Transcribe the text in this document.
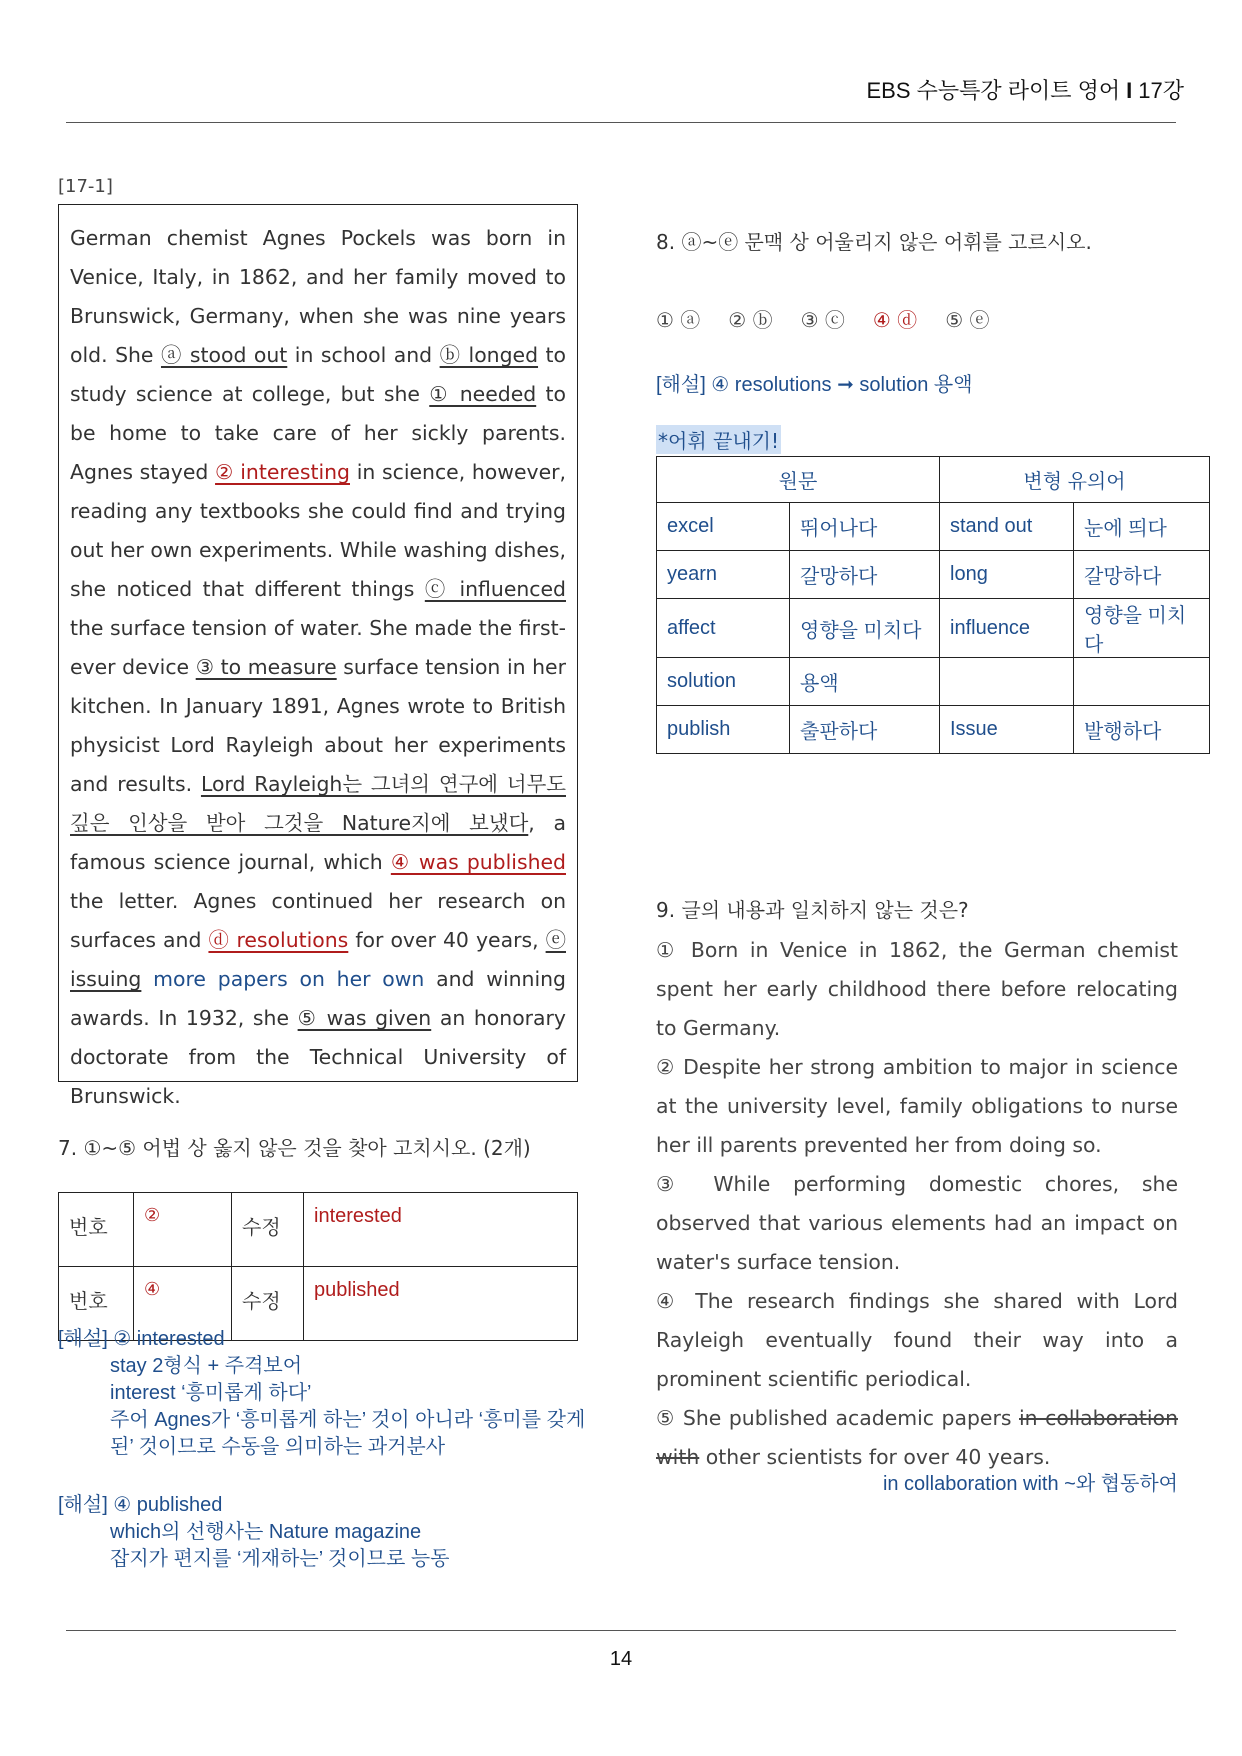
EBS 수능특강 라이트 영어 I 17강
[17-1]

German chemist Agnes Pockels was born in Venice, Italy, in 1862, and her family moved to Brunswick, Germany, when she was nine years old. She ⓐ stood out in school and ⓑ longed to study science at college, but she ① needed to be home to take care of her sickly parents. Agnes stayed ② interesting in science, however, reading any textbooks she could find and trying out her own experiments. While washing dishes, she noticed that different things ⓒ influenced the surface tension of water. She made the first-ever device ③ to measure surface tension in her kitchen. In January 1891, Agnes wrote to British physicist Lord Rayleigh about her experiments and results. Lord Rayleigh는 그녀의 연구에 너무도 깊은 인상을 받아 그것을 Nature지에 보냈다, a famous science journal, which ④ was published the letter. Agnes continued her research on surfaces and ⓓ resolutions for over 40 years, ⓔ issuing more papers on her own and winning awards. In 1932, she ⑤ was given an honorary doctorate from the Technical University of Brunswick.

7. ①~⑤ 어법 상 옳지 않은 것을 찾아 고치시오. (2개)
번호	②	수정	interested
번호	④	수정	published
[해설] ② interested
stay 2형식 + 주격보어
interest ‘흥미롭게 하다’
주어 Agnes가 ‘흥미롭게 하는’ 것이 아니라 ‘흥미를 갖게
된’ 것이므로 수동을 의미하는 과거분사
[해설] ④ published
which의 선행사는 Nature magazine
잡지가 편지를 ‘게재하는’ 것이므로 능동
8. ⓐ~ⓔ 문맥 상 어울리지 않은 어휘를 고르시오.
① ⓐ ② ⓑ ③ ⓒ ④ ⓓ ⑤ ⓔ
[해설] ④ resolutions ➞ solution 용액
*어휘 끝내기!
원문		변형 유의어	
excel	뛰어나다	stand out	눈에 띄다
yearn	갈망하다	long	갈망하다
affect	영향을 미치다	influence	영향을 미치다
solution	용액		
publish	출판하다	Issue	발행하다
9. 글의 내용과 일치하지 않는 것은?

① Born in Venice in 1862, the German chemist spent her early childhood there before relocating to Germany.

② Despite her strong ambition to major in science at the university level, family obligations to nurse her ill parents prevented her from doing so.

③ While performing domestic chores, she observed that various elements had an impact on water's surface tension.

④ The research findings she shared with Lord Rayleigh eventually found their way into a prominent scientific periodical.

⑤ She published academic papers in collaboration with other scientists for over 40 years.

in collaboration with ~와 협동하여
14
